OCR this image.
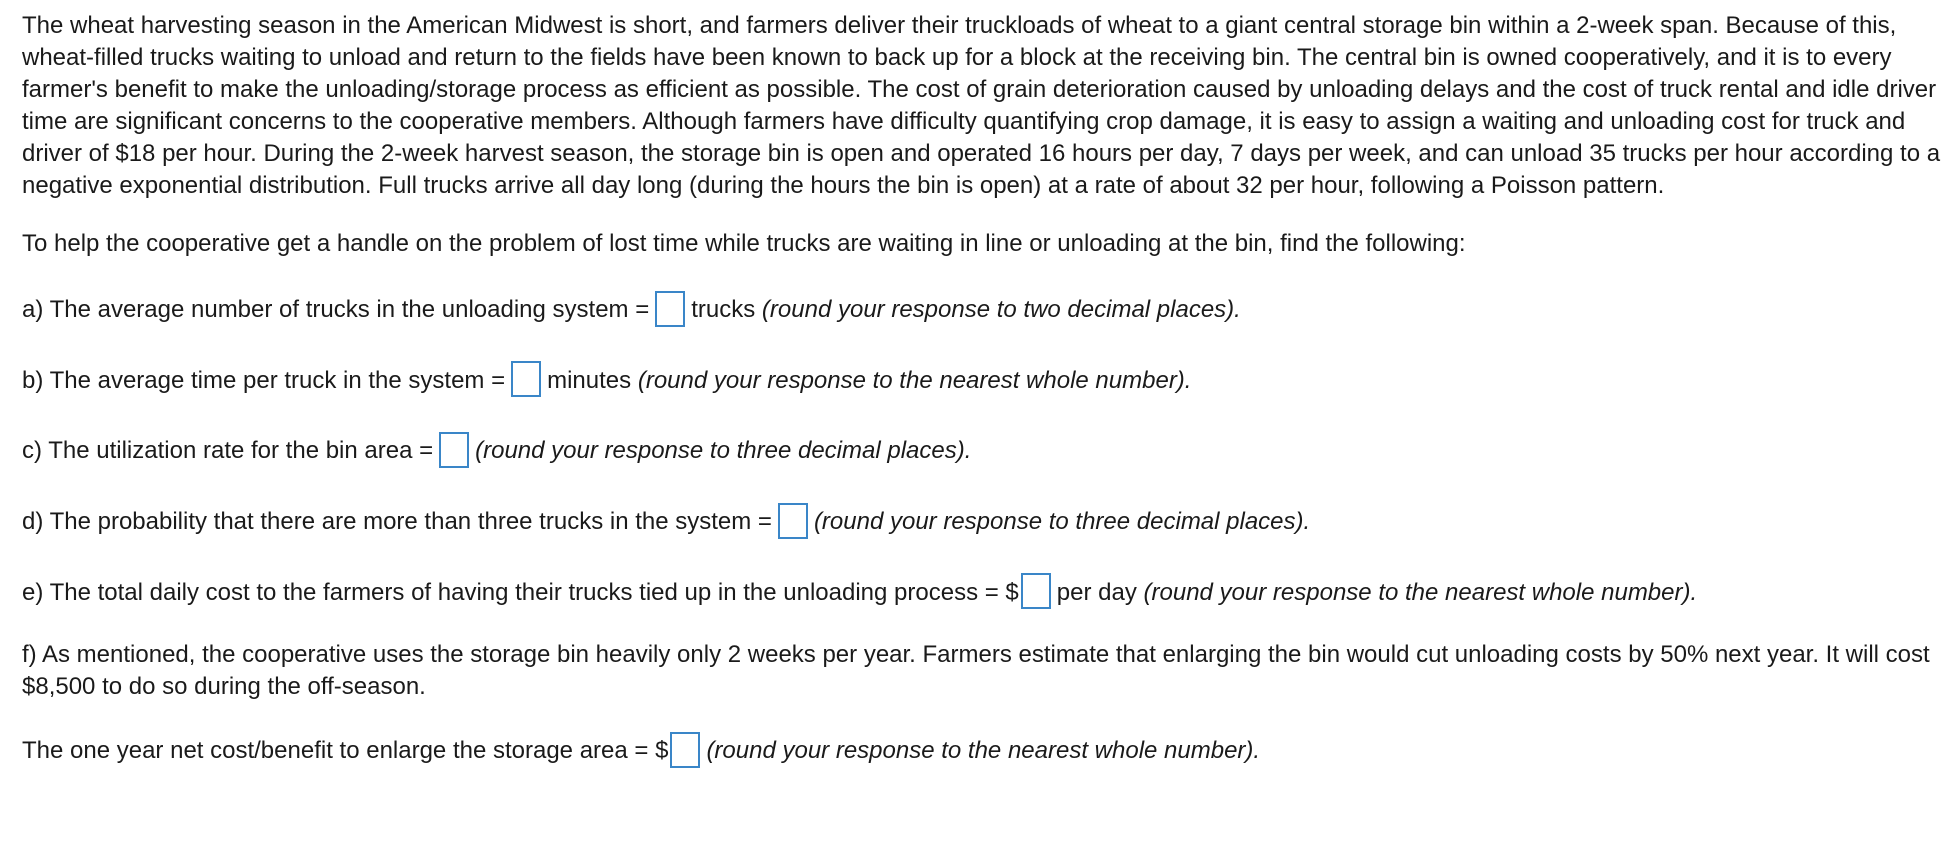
The wheat harvesting season in the American Midwest is short, and farmers deliver their truckloads of wheat to a giant central storage bin within a 2-week span. Because of this, wheat-filled trucks waiting to unload and return to the fields have been known to back up for a block at the receiving bin. The central bin is owned cooperatively, and it is to every farmer's benefit to make the unloading/storage process as efficient as possible. The cost of grain deterioration caused by unloading delays and the cost of truck rental and idle driver time are significant concerns to the cooperative members. Although farmers have difficulty quantifying crop damage, it is easy to assign a waiting and unloading cost for truck and driver of $18 per hour. During the 2-week harvest season, the storage bin is open and operated 16 hours per day, 7 days per week, and can unload 35 trucks per hour according to a negative exponential distribution. Full trucks arrive all day long (during the hours the bin is open) at a rate of about 32 per hour, following a Poisson pattern.

To help the cooperative get a handle on the problem of lost time while trucks are waiting in line or unloading at the bin, find the following:

a) The average number of trucks in the unloading system = trucks (round your response to two decimal places).

b) The average time per truck in the system = minutes (round your response to the nearest whole number).

c) The utilization rate for the bin area = (round your response to three decimal places).

d) The probability that there are more than three trucks in the system = (round your response to three decimal places).

e) The total daily cost to the farmers of having their trucks tied up in the unloading process = $ per day (round your response to the nearest whole number).

f) As mentioned, the cooperative uses the storage bin heavily only 2 weeks per year. Farmers estimate that enlarging the bin would cut unloading costs by 50% next year. It will cost $8,500 to do so during the off-season.

The one year net cost/benefit to enlarge the storage area = $ (round your response to the nearest whole number).
